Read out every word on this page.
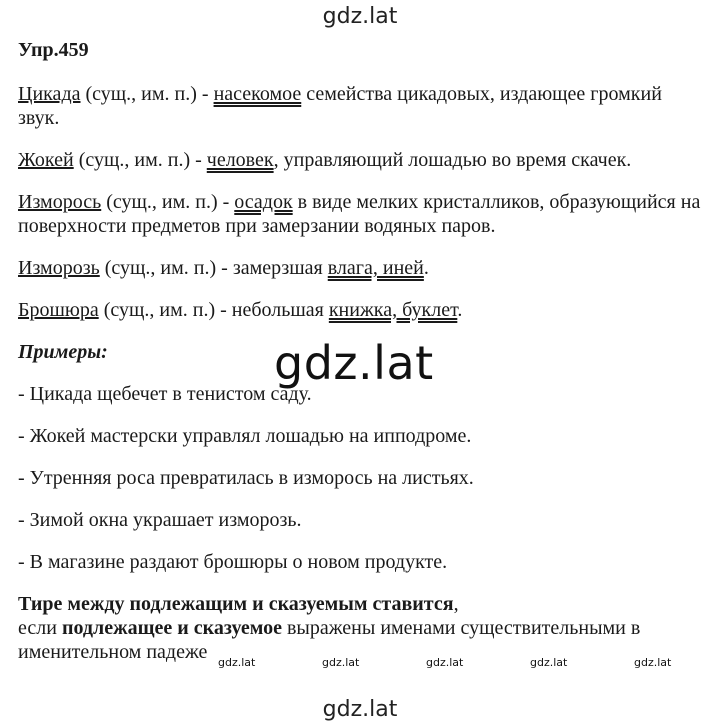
gdz.lat
Упр.459
Цикада (сущ., им. п.) - насекомое семейства цикадовых, издающее громкий звук.
Жокей (сущ., им. п.) - человек, управляющий лошадью во время скачек.
Изморось (сущ., им. п.) - осадок в виде мелких кристалликов, образующийся на поверхности предметов при замерзании водяных паров.
Изморозь (сущ., им. п.) - замерзшая влага, иней.
Брошюра (сущ., им. п.) - небольшая книжка, буклет.
Примеры:
- Цикада щебечет в тенистом саду.
- Жокей мастерски управлял лошадью на ипподроме.
- Утренняя роса превратилась в изморось на листьях.
- Зимой окна украшает изморозь.
- В магазине раздают брошюры о новом продукте.
Тире между подлежащим и сказуемым ставится,
если подлежащее и сказуемое выражены именами существительными в
именительном падеже
gdz.lat
gdz.lat	gdz.lat	gdz.lat	gdz.lat	gdz.lat
gdz.lat
